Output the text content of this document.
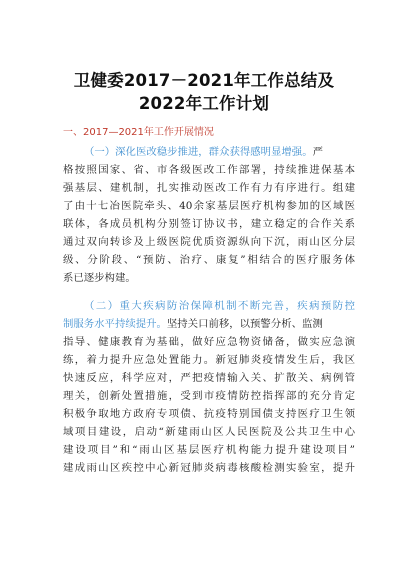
卫健委2017－2021年工作总结及
2022年工作计划
一、2017—2021年工作开展情况
（一）深化医改稳步推进，群众获得感明显增强。严
格按照国家、省、市各级医改工作部署，持续推进保基本
强基层、建机制，扎实推动医改工作有力有序进行。组建
了由十七冶医院牵头、40余家基层医疗机构参加的区域医
联体，各成员机构分别签订协议书，建立稳定的合作关系
通过双向转诊及上级医院优质资源纵向下沉，雨山区分层
级、分阶段、“预防、治疗、康复”相结合的医疗服务体
系已逐步构建。
（二）重大疾病防治保障机制不断完善，疾病预防控
制服务水平持续提升。坚持关口前移，以预警分析、监测
指导、健康教育为基础，做好应急物资储备，做实应急演
练，着力提升应急处置能力。新冠肺炎疫情发生后，我区
快速反应，科学应对，严把疫情输入关、扩散关、病例管
理关，创新处置措施，受到市疫情防控指挥部的充分肯定
积极争取地方政府专项债、抗疫特别国债支持医疗卫生领
域项目建设，启动“新建雨山区人民医院及公共卫生中心
建设项目”和“雨山区基层医疗机构能力提升建设项目”
建成雨山区疾控中心新冠肺炎病毒核酸检测实验室，提升
